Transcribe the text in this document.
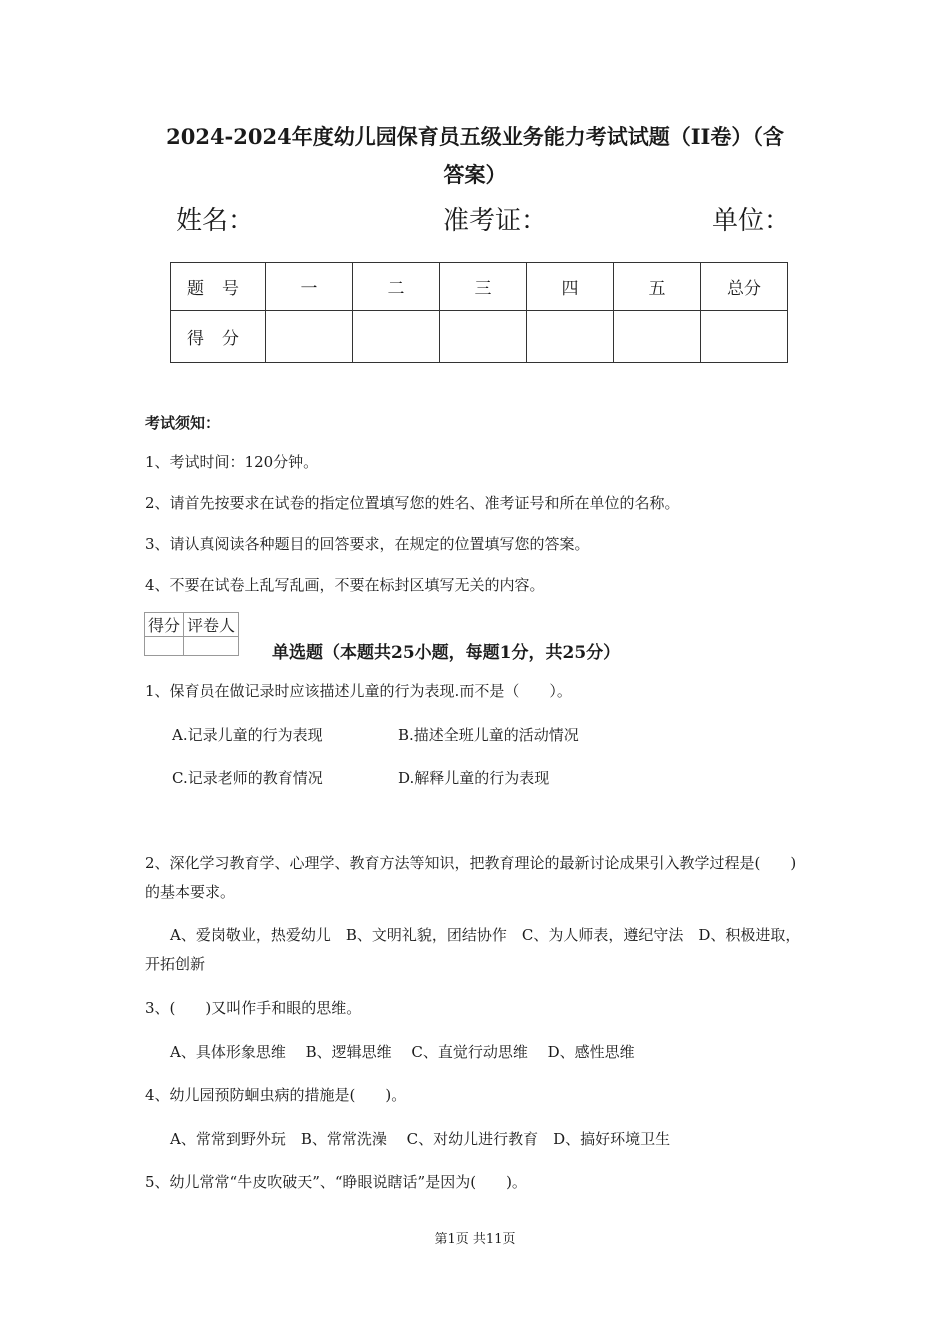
2024-2024年度幼儿园保育员五级业务能力考试试题（II卷）（含
答案）
姓名：	准考证：	单位：
题号	一	二	三	四	五	总分
得分						
考试须知：
1、考试时间：120分钟。
2、请首先按要求在试卷的指定位置填写您的姓名、准考证号和所在单位的名称。
3、请认真阅读各种题目的回答要求，在规定的位置填写您的答案。
4、不要在试卷上乱写乱画，不要在标封区填写无关的内容。
得分	评卷人

单选题（本题共25小题，每题1分，共25分）
1、保育员在做记录时应该描述儿童的行为表现.而不是（　　）。
A.记录儿童的行为表现	B.描述全班儿童的活动情况
C.记录老师的教育情况	D.解释儿童的行为表现
2、深化学习教育学、心理学、教育方法等知识，把教育理论的最新讨论成果引入教学过程是(　　)的基本要求。
A、爱岗敬业，热爱幼儿　B、文明礼貌，团结协作　C、为人师表，遵纪守法　D、积极进取，开拓创新
3、(　　)又叫作手和眼的思维。
A、具体形象思维　 B、逻辑思维　 C、直觉行动思维　 D、感性思维
4、幼儿园预防蛔虫病的措施是(　　)。
A、常常到野外玩　B、常常洗澡　 C、对幼儿进行教育　D、搞好环境卫生
5、幼儿常常“牛皮吹破天”、“睁眼说瞎话”是因为(　　)。
第1页 共11页
